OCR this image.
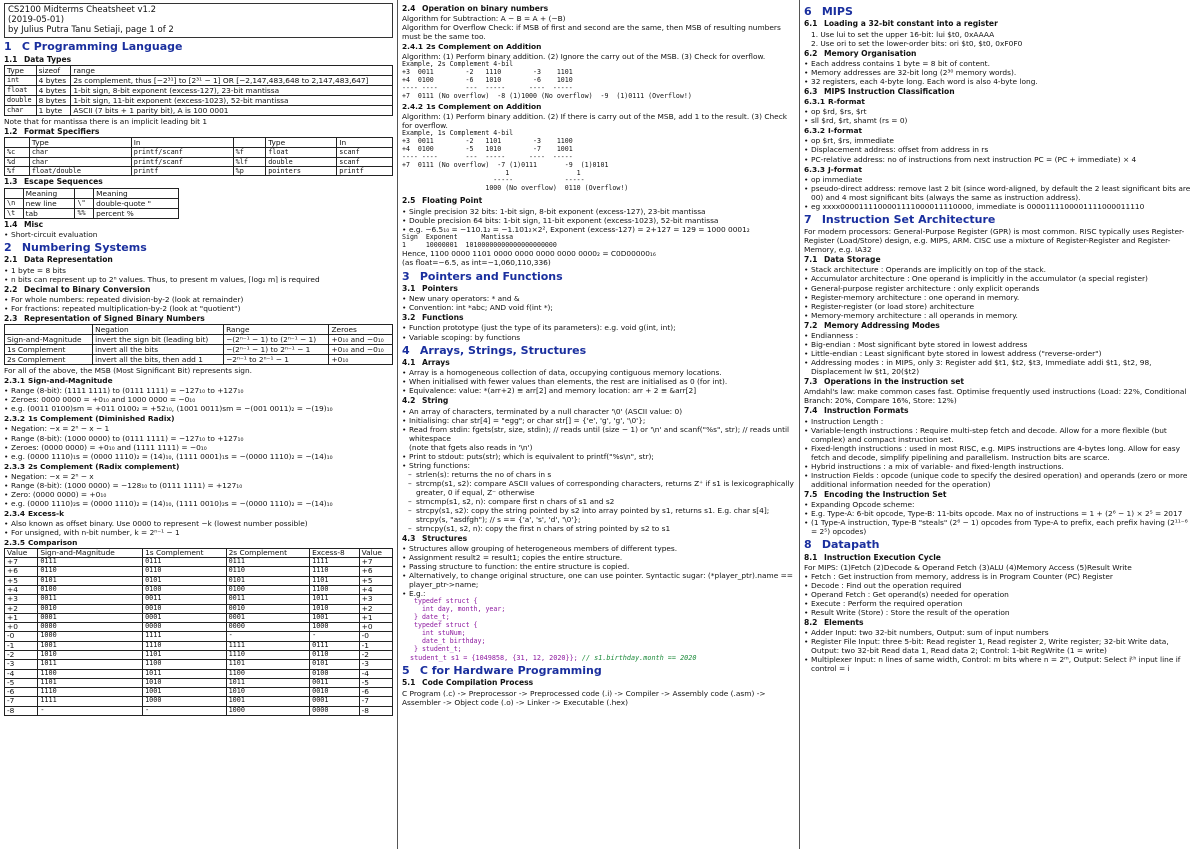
CS2100 Midterms Cheatsheet v1.2
(2019-05-01)
by Julius Putra Tanu Setiaji, page 1 of 2
1 C Programming Language
1.1 Data Types
Type	sizeof	range
int	4 bytes	2s complement, thus [−2³¹] to [2³¹ − 1] OR [−2,147,483,648 to 2,147,483,647]
float	4 bytes	1-bit sign, 8-bit exponent (excess-127), 23-bit mantissa
double	8 bytes	1-bit sign, 11-bit exponent (excess-1023), 52-bit mantissa
char	1 byte	ASCII (7 bits + 1 parity bit), A is 100 0001

Note that for mantissa there is an implicit leading bit 1

1.2 Format Specifiers
	Type	In		Type	In
%c	char	printf/scanf	%f	float	scanf
%d	char	printf/scanf	%lf	double	scanf
%f	float/double	printf	%p	pointers	printf
1.3 Escape Sequences
	Meaning		Meaning
\n	new line	\"	double-quote "
\t	tab	%%	percent %
1.4 Misc
• Short-circuit evaluation
2 Numbering Systems
2.1 Data Representation
• 1 byte = 8 bits
• n bits can represent up to 2ⁿ values. Thus, to present m values, ⌈log₂ m⌉ is required
2.2 Decimal to Binary Conversion
• For whole numbers: repeated division-by-2 (look at remainder)
• For fractions: repeated multiplication-by-2 (look at "quotient")
2.3 Representation of Signed Binary Numbers
	Negation	Range	Zeroes
Sign-and-Magnitude	invert the sign bit (leading bit)	−(2ⁿ⁻¹ − 1) to (2ⁿ⁻¹ − 1)	+0₁₀ and −0₁₀
1s Complement	invert all the bits	−(2ⁿ⁻¹ − 1) to 2ⁿ⁻¹ − 1	+0₁₀ and −0₁₀
2s Complement	invert all the bits, then add 1	−2ⁿ⁻¹ to 2ⁿ⁻¹ − 1	+0₁₀

For all of the above, the MSB (Most Significant Bit) represents sign.

2.3.1 Sign-and-Magnitude
• Range (8-bit): (1111 1111) to (0111 1111) = −127₁₀ to +127₁₀
• Zeroes: 0000 0000 = +0₁₀ and 1000 0000 = −0₁₀
• e.g. (0011 0100)sm = +011 0100₂ = +52₁₀, (1001 0011)sm = −(001 0011)₂ = −(19)₁₀
2.3.2 1s Complement (Diminished Radix)
• Negation: −x = 2ⁿ − x − 1
• Range (8-bit): (1000 0000) to (0111 1111) = −127₁₀ to +127₁₀
• Zeroes: (0000 0000) = +0₁₀ and (1111 1111) = −0₁₀
• e.g. (0000 1110)₁s = (0000 1110)₂ = (14)₁₀, (1111 0001)₁s = −(0000 1110)₂ = −(14)₁₀
2.3.3 2s Complement (Radix complement)
• Negation: −x = 2ⁿ − x
• Range (8-bit): (1000 0000) = −128₁₀ to (0111 1111) = +127₁₀
• Zero: (0000 0000) = +0₁₀
• e.g. (0000 1110)₂s = (0000 1110)₂ = (14)₁₀, (1111 0010)₂s = −(0000 1110)₂ = −(14)₁₀
2.3.4 Excess-k
• Also known as offset binary. Use 0000 to represent −k (lowest number possible)
• For unsigned, with n-bit number, k = 2ⁿ⁻¹ − 1
2.3.5 Comparison
Value	Sign-and-Magnitude	1s Complement	2s Complement	Excess-8	Value
+7	0111	0111	0111	1111	+7
+6	0110	0110	0110	1110	+6
+5	0101	0101	0101	1101	+5
+4	0100	0100	0100	1100	+4
+3	0011	0011	0011	1011	+3
+2	0010	0010	0010	1010	+2
+1	0001	0001	0001	1001	+1
+0	0000	0000	0000	1000	+0
-0	1000	1111	-	-	-0
-1	1001	1110	1111	0111	-1
-2	1010	1101	1110	0110	-2
-3	1011	1100	1101	0101	-3
-4	1100	1011	1100	0100	-4
-5	1101	1010	1011	0011	-5
-6	1110	1001	1010	0010	-6
-7	1111	1000	1001	0001	-7
-8	-	-	1000	0000	-8
2.4 Operation on binary numbers

Algorithm for Subtraction: A − B = A + (−B)

Algorithm for Overflow Check: if MSB of first and second are the same, then MSB of resulting numbers must be the same too.

2.4.1 2s Complement on Addition

Algorithm: (1) Perform binary addition. (2) Ignore the carry out of the MSB. (3) Check for overflow.

Example, 2s Complement 4-bil
+3  0011        -2   1110        -3    1101
+4  0100        -6   1010        -6    1010
---- ----       ---  -----      ----  -----
+7  0111 (No overflow)  -8 (1)1000 (No overflow)  -9  (1)0111 (Overflow!)
2.4.2 1s Complement on Addition

Algorithm: (1) Perform binary addition. (2) If there is carry out of the MSB, add 1 to the result. (3) Check for overflow.

Example, 1s Complement 4-bil
+3  0011        -2   1101        -3    1100
+4  0100        -5   1010        -7    1001
---- ----       ---  -----      ----  -----
+7  0111 (No overflow)  -7 (1)0111       -9  (1)0101
1                 1
-----             -----
1000 (No overflow)  0110 (Overflow!)
2.5 Floating Point
• Single precision 32 bits: 1-bit sign, 8-bit exponent (excess-127), 23-bit mantissa
• Double precision 64 bits: 1-bit sign, 11-bit exponent (excess-1023), 52-bit mantissa
• e.g. −6.5₁₀ = −110.1₂ = −1.101₂×2², Exponent (excess-127) = 2+127 = 129 = 1000 0001₂
Sign  Exponent      Mantissa
1     10000001  10100000000000000000000

Hence, 1100 0000 1101 0000 0000 0000 0000 0000₂ = C0D00000₁₆

(as float=−6.5, as int=−1,060,110,336)

3 Pointers and Functions
3.1 Pointers
• New unary operators: * and &
• Convention: int *abc; AND void f(int *);
3.2 Functions
• Function prototype (just the type of its parameters): e.g. void g(int, int);
• Variable scoping: by functions
4 Arrays, Strings, Structures
4.1 Arrays
• Array is a homogeneous collection of data, occupying contiguous memory locations.
• When initialised with fewer values than elements, the rest are initialised as 0 (for int).
• Equivalence: value: *(arr+2) ≡ arr[2] and memory location: arr + 2 ≡ &arr[2]
4.2 String
• An array of characters, terminated by a null character '\0' (ASCII value: 0)
• Initialising: char str[4] = "egg"; or char str[] = {'e', 'g', 'g', '\0'};
• Read from stdin: fgets(str, size, stdin); // reads until (size − 1) or '\n' and scanf("%s", str); // reads until whitespace

(note that fgets also reads in '\n')

• Print to stdout: puts(str); which is equivalent to printf("%s\n", str);
• String functions:
– strlen(s): returns the no of chars in s
– strcmp(s1, s2): compare ASCII values of corresponding characters, returns Z⁺ if s1 is lexicographically greater, 0 if equal, Z⁻ otherwise
– strncmp(s1, s2, n): compare first n chars of s1 and s2
– strcpy(s1, s2): copy the string pointed by s2 into array pointed by s1, returns s1. E.g. char s[4]; strcpy(s, "asdfgh"); // s == {'a', 's', 'd', '\0'};
– strncpy(s1, s2, n): copy the first n chars of string pointed by s2 to s1
4.3 Structures
• Structures allow grouping of heterogeneous members of different types.
• Assignment result2 = result1; copies the entire structure.
• Passing structure to function: the entire structure is copied.
• Alternatively, to change original structure, one can use pointer. Syntactic sugar: (*player_ptr).name == player_ptr->name;
• E.g.:
typedef struct {
int day, month, year;
} date_t;
typedef struct {
int stuNum;
date_t birthday;
} student_t;
student_t s1 = {1049858, {31, 12, 2020}}; // s1.birthday.month == 2020
5 C for Hardware Programming
5.1 Code Compilation Process

C Program (.c) -> Preprocessor -> Preprocessed code (.i) -> Compiler -> Assembly code (.asm) -> Assembler -> Object code (.o) -> Linker -> Executable (.hex)

6 MIPS
6.1 Loading a 32-bit constant into a register
1. Use lui to set the upper 16-bit: lui $t0, 0xAAAA
2. Use ori to set the lower-order bits: ori $t0, $t0, 0xF0F0
6.2 Memory Organisation
• Each address contains 1 byte = 8 bit of content.
• Memory addresses are 32-bit long (2³⁰ memory words).
• 32 registers, each 4-byte long. Each word is also 4-byte long.
6.3 MIPS Instruction Classification
6.3.1 R-format
• op $rd, $rs, $rt
• sll $rd, $rt, shamt (rs = 0)
6.3.2 I-format
• op $rt, $rs, immediate
• Displacement address: offset from address in rs
• PC-relative address: no of instructions from next instruction PC = (PC + immediate) × 4
6.3.3 J-format
• op immediate
• pseudo-direct address: remove last 2 bit (since word-aligned, by default the 2 least significant bits are 00) and 4 most significant bits (always the same as instruction address).
• eg xxxx0000111100001111000011110000, immediate is 0000111100001111000011110
7 Instruction Set Architecture

For modern processors: General-Purpose Register (GPR) is most common. RISC typically uses Register-Register (Load/Store) design, e.g. MIPS, ARM. CISC use a mixture of Register-Register and Register-Memory, e.g. IA32

7.1 Data Storage
• Stack architecture : Operands are implicitly on top of the stack.
• Accumulator architecture : One operand is implicitly in the accumulator (a special register)
• General-purpose register architecture : only explicit operands
• Register-memory architecture : one operand in memory.
• Register-register (or load store) architecture
• Memory-memory architecture : all operands in memory.
7.2 Memory Addressing Modes
• Endianness :
• Big-endian : Most significant byte stored in lowest address
• Little-endian : Least significant byte stored in lowest address ("reverse-order")
• Addressing modes : in MIPS, only 3: Register add $t1, $t2, $t3, Immediate addi $t1, $t2, 98, Displacement lw $t1, 20($t2)
7.3 Operations in the instruction set

Amdahl's law: make common cases fast. Optimise frequently used instructions (Load: 22%, Conditional Branch: 20%, Compare 16%, Store: 12%)

7.4 Instruction Formats
• Instruction Length :
• Variable-length instructions : Require multi-step fetch and decode. Allow for a more flexible (but complex) and compact instruction set.
• Fixed-length instructions : used in most RISC, e.g. MIPS instructions are 4-bytes long. Allow for easy fetch and decode, simplify pipelining and parallelism. Instruction bits are scarce.
• Hybrid instructions : a mix of variable- and fixed-length instructions.
• Instruction Fields : opcode (unique code to specify the desired operation) and operands (zero or more additional information needed for the operation)
7.5 Encoding the Instruction Set
• Expanding Opcode scheme:
• E.g. Type-A: 6-bit opcode, Type-B: 11-bits opcode. Max no of instructions = 1 + (2⁶ − 1) × 2⁵ = 2017
• (1 Type-A instruction, Type-B "steals" (2⁶ − 1) opcodes from Type-A to prefix, each prefix having (2¹¹⁻⁶ = 2⁵) opcodes)
8 Datapath
8.1 Instruction Execution Cycle

For MIPS: (1)Fetch (2)Decode & Operand Fetch (3)ALU (4)Memory Access (5)Result Write

• Fetch : Get instruction from memory, address is in Program Counter (PC) Register
• Decode : Find out the operation required
• Operand Fetch : Get operand(s) needed for operation
• Execute : Perform the required operation
• Result Write (Store) : Store the result of the operation
8.2 Elements
• Adder Input: two 32-bit numbers, Output: sum of input numbers
• Register File Input: three 5-bit: Read register 1, Read register 2, Write register; 32-bit Write data, Output: two 32-bit Read data 1, Read data 2; Control: 1-bit RegWrite (1 = write)
• Multiplexer Input: n lines of same width, Control: m bits where n = 2ᵐ, Output: Select iᵗʰ input line if control = i
